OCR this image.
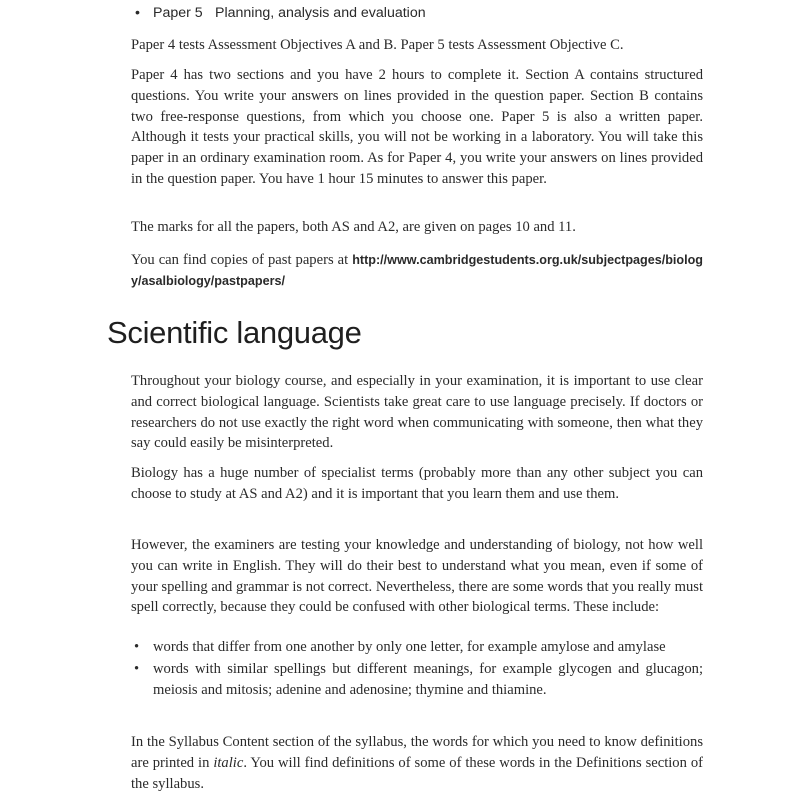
• Paper 5 Planning, analysis and evaluation

Paper 4 tests Assessment Objectives A and B. Paper 5 tests Assessment Objective C.

Paper 4 has two sections and you have 2 hours to complete it. Section A contains structured questions. You write your answers on lines provided in the question paper. Section B contains two free-response questions, from which you choose one. Paper 5 is also a written paper. Although it tests your practical skills, you will not be working in a laboratory. You will take this paper in an ordinary examination room. As for Paper 4, you write your answers on lines provided in the question paper. You have 1 hour 15 minutes to answer this paper.

The marks for all the papers, both AS and A2, are given on pages 10 and 11.

You can find copies of past papers at http://www.cambridgestudents.org.uk/subjectpages/biology/asalbiology/pastpapers/

Scientific language

Throughout your biology course, and especially in your examination, it is important to use clear and correct biological language. Scientists take great care to use language precisely. If doctors or researchers do not use exactly the right word when communicating with someone, then what they say could easily be misinterpreted.

Biology has a huge number of specialist terms (probably more than any other subject you can choose to study at AS and A2) and it is important that you learn them and use them.

However, the examiners are testing your knowledge and understanding of biology, not how well you can write in English. They will do their best to understand what you mean, even if some of your spelling and grammar is not correct. Nevertheless, there are some words that you really must spell correctly, because they could be confused with other biological terms. These include:

• words that differ from one another by only one letter, for example amylose and amylase
• words with similar spellings but different meanings, for example glycogen and glucagon; meiosis and mitosis; adenine and adenosine; thymine and thiamine.

In the Syllabus Content section of the syllabus, the words for which you need to know definitions are printed in italic. You will find definitions of some of these words in the Definitions section of the syllabus.
